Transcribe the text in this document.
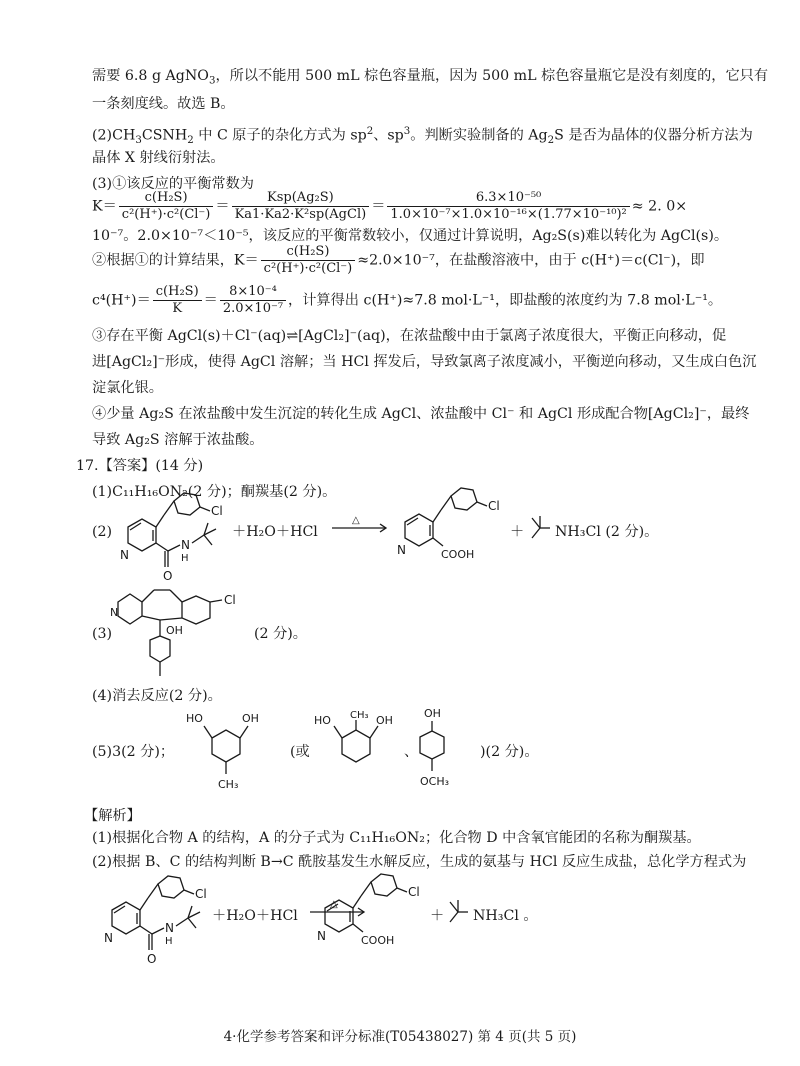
需要 6.8 g AgNO$_3$，所以不能用 500 mL 棕色容量瓶，因为 500 mL 棕色容量瓶它是没有刻度的，它只有
一条刻度线。故选 B。
$(2)CH_3CSNH_2$ 中 C 原子的杂化方式为 $sp^2$、$sp^3$。判断实验制备的 $Ag_2S$ 是否为晶体的仪器分析方法为
晶体 X 射线衍射法。
(3)①该反应的平衡常数为
$K= \frac{\text{c(H₂S)}}{\text{c²(H⁺)·c²(Cl⁻)}} = \frac{\text{Ksp(Ag₂S)}}{\text{Ka1·Ka2·K²sp(AgCl)}} = \frac{\text{6.3×10⁻⁵⁰}}{\text{1.0×10⁻⁷×1.0×10⁻¹⁶×(1.77×10⁻¹⁰)²}} \approx 2$. 0×
10⁻⁷。2.0×10⁻⁷＜10⁻⁵，该反应的平衡常数较小，仅通过计算说明，Ag₂S(s)难以转化为 AgCl(s)。
②根据①的计算结果，$K= \frac{\text{c(H₂S)}}{\text{c²(H⁺)·c²(Cl⁻)}} \approx 2.0\times 10^{-7}$，在盐酸溶液中，由于 c(H⁺)＝c(Cl⁻)，即
$c^4(H^+)= \frac{\text{c(H₂S)}}{K} = \frac{\text{8×10⁻⁴}}{\text{2.0×10⁻⁷}}$ ，计算得出 c(H⁺)≈7.8 mol·L⁻¹，即盐酸的浓度约为 7.8 mol·L⁻¹。
③存在平衡 AgCl(s)＋Cl⁻(aq)⇌[AgCl₂]⁻(aq)，在浓盐酸中由于氯离子浓度很大，平衡正向移动，促
进[AgCl₂]⁻形成，使得 AgCl 溶解；当 HCl 挥发后，导致氯离子浓度减小，平衡逆向移动，又生成白色沉
淀氯化银。
④少量 Ag₂S 在浓盐酸中发生沉淀的转化生成 AgCl、浓盐酸中 Cl⁻ 和 AgCl 形成配合物[AgCl₂]⁻，最终
导致 Ag₂S 溶解于浓盐酸。
17.【答案】(14 分)
(1)C₁₁H₁₆ON₂(2 分)；酮羰基(2 分)。
(2)
Cl
O
N
H
N
＋H₂O＋HCl
△
Cl
COOH
N
＋ NH₃Cl (2 分)。
(3)
Cl
OH
N
(2 分)。
(4)消去反应(2 分)。
(5)3(2 分)；
HO	OH
CH₃
(或
HO CH₃ OH
、
OH
OCH₃
)(2 分)。
【解析】
(1)根据化合物 A 的结构，A 的分子式为 C₁₁H₁₆ON₂；化合物 D 中含氧官能团的名称为酮羰基。
(2)根据 B、C 的结构判断 B→C 酰胺基发生水解反应，生成的氨基与 HCl 反应生成盐，总化学方程式为
Cl
O
N
H
N
＋H₂O＋HCl
△
Cl
COOH
N
＋ NH₃Cl 。
4·化学参考答案和评分标准(T05438027) 第 4 页(共 5 页)
